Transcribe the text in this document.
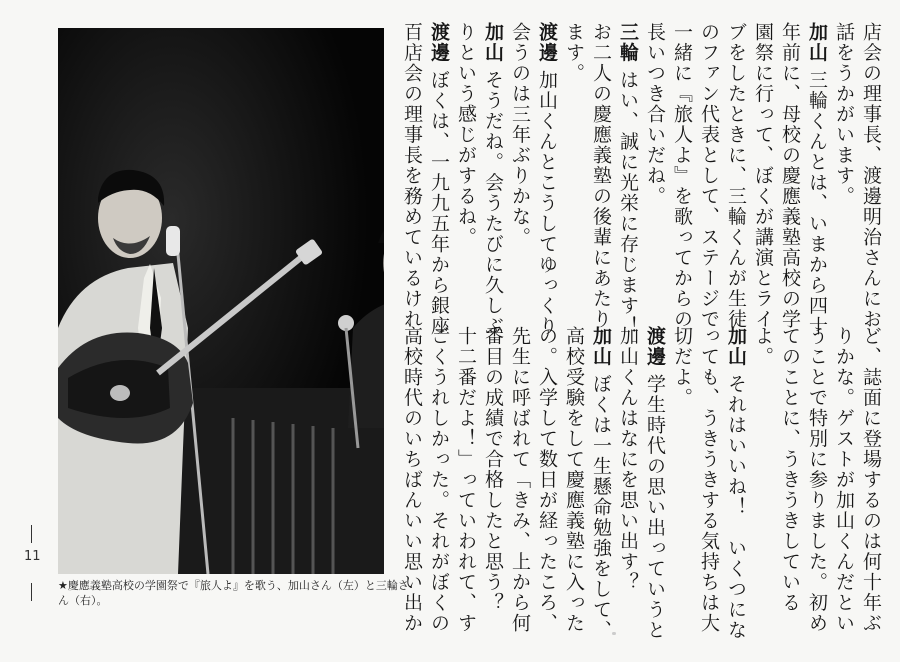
★慶應義塾高校の学園祭で『旅人よ』を歌う、加山さん（左）と三輪さん（右）。
11
店会の理事長、渡邊明治さんにお
話をうかがいます。
加山三輪くんとは、いまから四十
年前に、母校の慶應義塾高校の学
園祭に行って、ぼくが講演とライ
ブをしたときに、三輪くんが生徒
のファン代表として、ステージで
一緒に『旅人よ』を歌ってからの
長いつき合いだね。
三輪はい、誠に光栄に存じます！
お二人の慶應義塾の後輩にあたり
ます。
渡邊加山くんとこうしてゆっくり
会うのは三年ぶりかな。
加山そうだね。会うたびに久しぶ
りという感じがするね。
渡邊ぼくは、一九九五年から銀座
百店会の理事長を務めているけれ
ど、誌面に登場するのは何十年ぶ
りかな。ゲストが加山くんだとい
うことで特別に参りました。初め
てのことに、うきうきしている
よ。
加山それはいいね！　いくつにな
っても、うきうきする気持ちは大
切だよ。
渡邊学生時代の思い出っていうと
加山くんはなにを思い出す？
加山ぼくは一生懸命勉強をして、
高校受験をして慶應義塾に入った
の。入学して数日が経ったころ、
先生に呼ばれて「きみ、上から何
番目の成績で合格したと思う？
十二番だよ！」っていわれて、す
ごくうれしかった。それがぼくの
高校時代のいちばんいい思い出か
